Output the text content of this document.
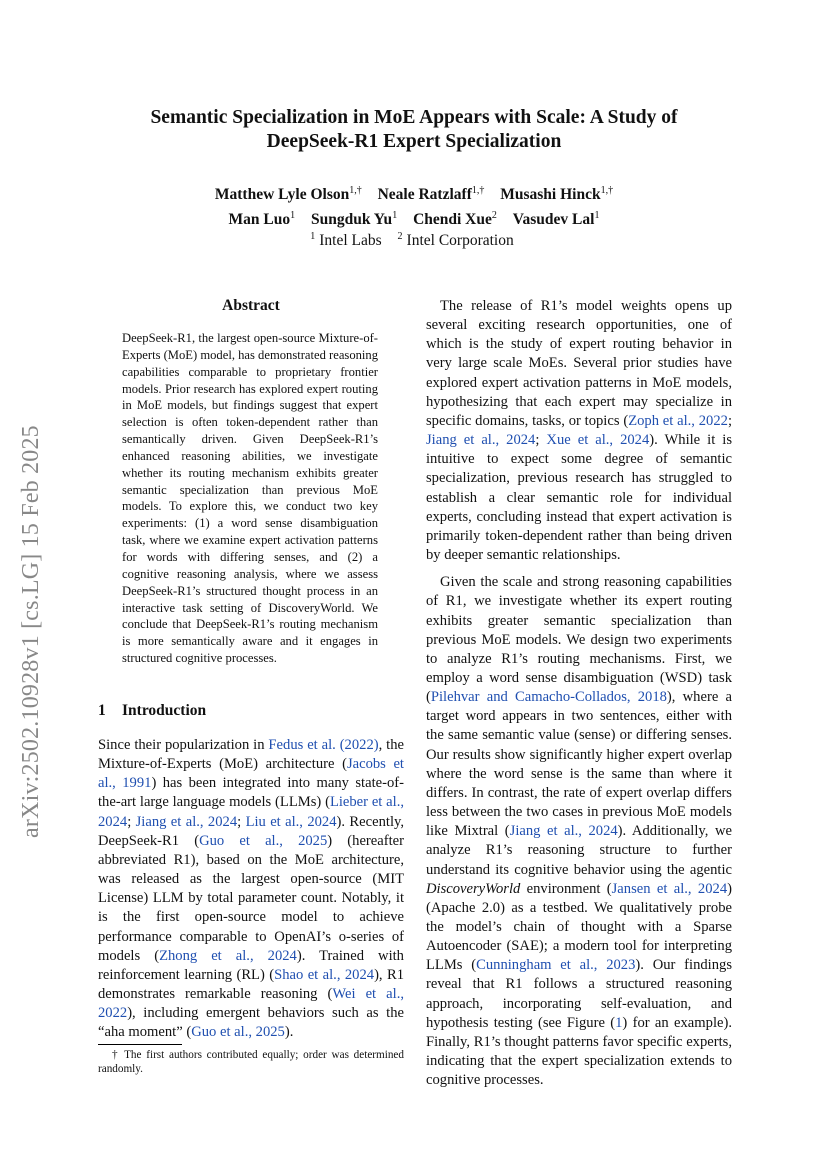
arXiv:2502.10928v1 [cs.LG] 15 Feb 2025
Semantic Specialization in MoE Appears with Scale: A Study of
DeepSeek-R1 Expert Specialization
Matthew Lyle Olson$^{1,\dagger}$ Neale Ratzlaff$^{1,\dagger}$ Musashi Hinck$^{1,\dagger}$
Man Luo$^1$ Sungduk Yu$^1$ Chendi Xue$^2$ Vasudev Lal$^1$
$^1$ Intel Labs $^2$ Intel Corporation
Abstract
DeepSeek-R1, the largest open-source Mixture-of-Experts (MoE) model, has demonstrated reasoning capabilities comparable to proprietary frontier models. Prior research has explored expert routing in MoE models, but findings suggest that expert selection is often token-dependent rather than semantically driven. Given DeepSeek-R1’s enhanced reasoning abilities, we investigate whether its routing mechanism exhibits greater semantic specialization than previous MoE models. To explore this, we conduct two key experiments: (1) a word sense disambiguation task, where we examine expert activation patterns for words with differing senses, and (2) a cognitive reasoning analysis, where we assess DeepSeek-R1’s structured thought process in an interactive task setting of DiscoveryWorld. We conclude that DeepSeek-R1’s routing mechanism is more semantically aware and it engages in structured cognitive processes.
1 Introduction
Since their popularization in Fedus et al. (2022), the Mixture-of-Experts (MoE) architecture (Jacobs et al., 1991) has been integrated into many state-of-the-art large language models (LLMs) (Lieber et al., 2024; Jiang et al., 2024; Liu et al., 2024). Recently, DeepSeek-R1 (Guo et al., 2025) (hereafter abbreviated R1), based on the MoE architecture, was released as the largest open-source (MIT License) LLM by total parameter count. Notably, it is the first open-source model to achieve performance comparable to OpenAI’s o-series of models (Zhong et al., 2024). Trained with reinforcement learning (RL) (Shao et al., 2024), R1 demonstrates remarkable reasoning (Wei et al., 2022), including emergent behaviors such as the “aha moment” (Guo et al., 2025).
† The first authors contributed equally; order was determined randomly.

The release of R1’s model weights opens up several exciting research opportunities, one of which is the study of expert routing behavior in very large scale MoEs. Several prior studies have explored expert activation patterns in MoE models, hypothesizing that each expert may specialize in specific domains, tasks, or topics (Zoph et al., 2022; Jiang et al., 2024; Xue et al., 2024). While it is intuitive to expect some degree of semantic specialization, previous research has struggled to establish a clear semantic role for individual experts, concluding instead that expert activation is primarily token-dependent rather than being driven by deeper semantic relationships.

Given the scale and strong reasoning capabilities of R1, we investigate whether its expert routing exhibits greater semantic specialization than previous MoE models. We design two experiments to analyze R1’s routing mechanisms. First, we employ a word sense disambiguation (WSD) task (Pilehvar and Camacho-Collados, 2018), where a target word appears in two sentences, either with the same semantic value (sense) or differing senses. Our results show significantly higher expert overlap where the word sense is the same than where it differs. In contrast, the rate of expert overlap differs less between the two cases in previous MoE models like Mixtral (Jiang et al., 2024). Additionally, we analyze R1’s reasoning structure to further understand its cognitive behavior using the agentic DiscoveryWorld environment (Jansen et al., 2024) (Apache 2.0) as a testbed. We qualitatively probe the model’s chain of thought with a Sparse Autoencoder (SAE); a modern tool for interpreting LLMs (Cunningham et al., 2023). Our findings reveal that R1 follows a structured reasoning approach, incorporating self-evaluation, and hypothesis testing (see Figure (1) for an example). Finally, R1’s thought patterns favor specific experts, indicating that the expert specialization extends to cognitive processes.
